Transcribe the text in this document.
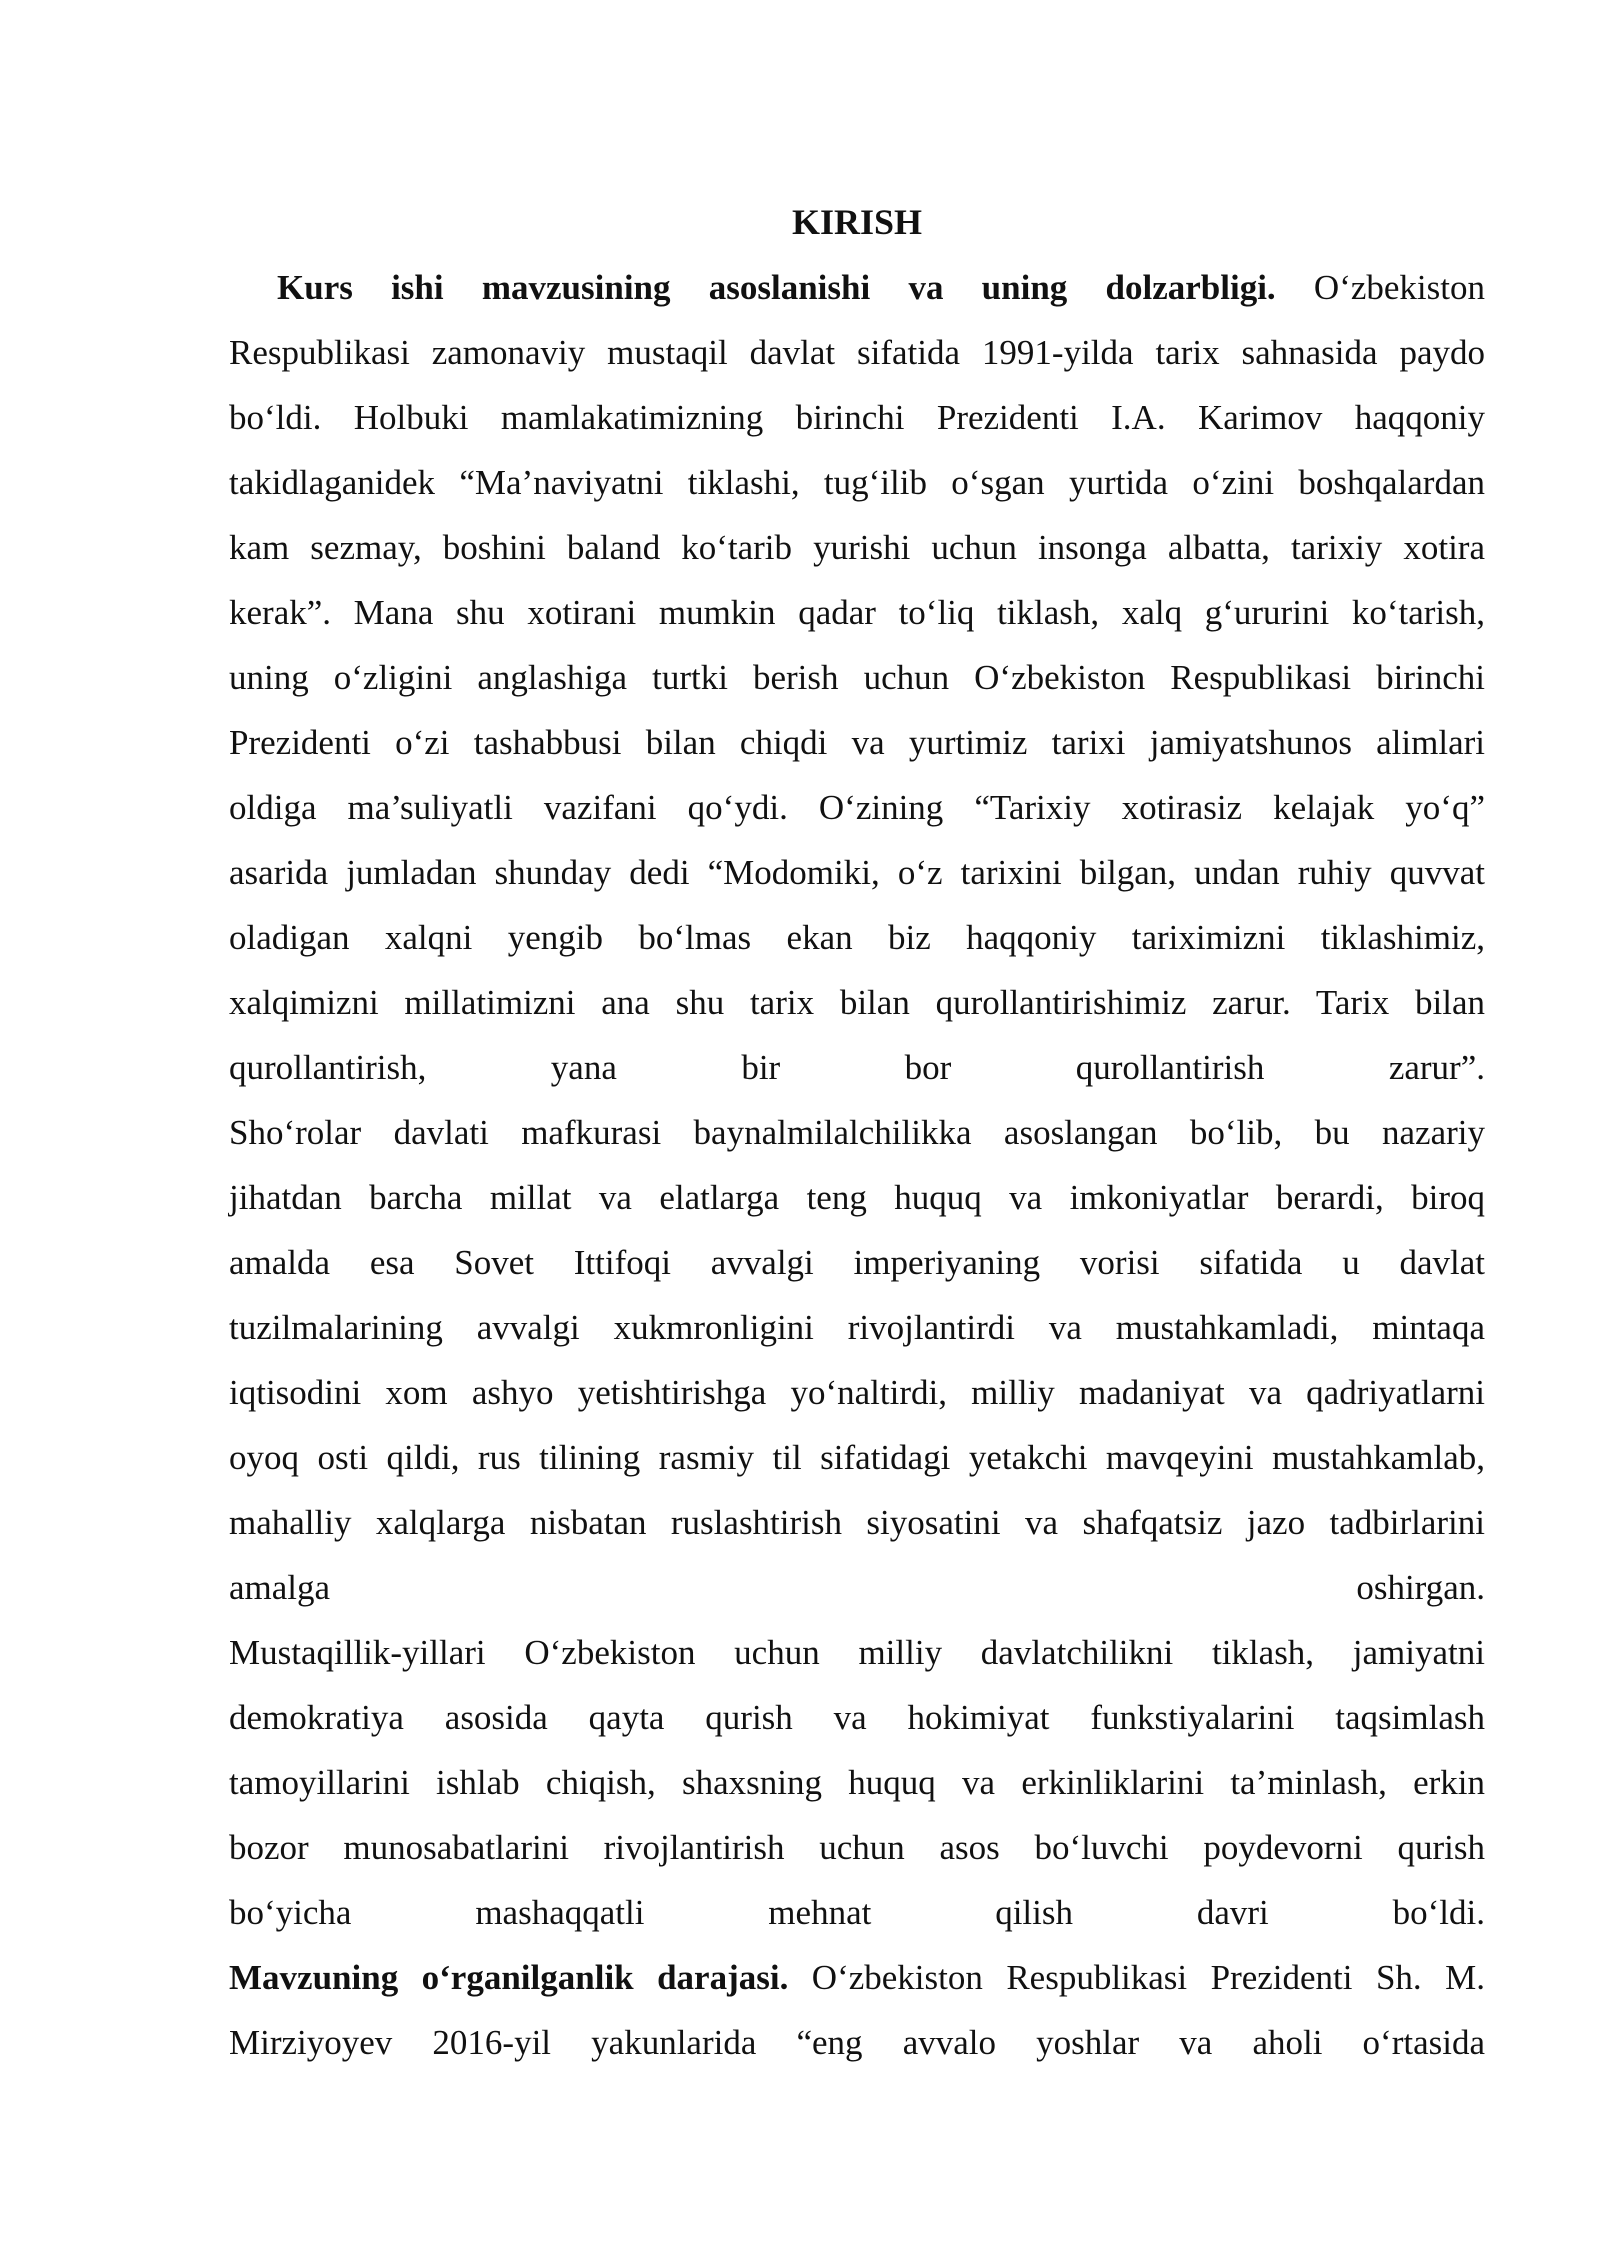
KIRISH
Kurs ishi mavzusining asoslanishi va uning dolzarbligi. O‘zbekiston
Respublikasi zamonaviy mustaqil davlat sifatida 1991-yilda tarix sahnasida paydo
bo‘ldi. Holbuki mamlakatimizning birinchi Prezidenti I.A. Karimov haqqoniy
takidlaganidek “Ma’naviyatni tiklashi, tug‘ilib o‘sgan yurtida o‘zini boshqalardan
kam sezmay, boshini baland ko‘tarib yurishi uchun insonga albatta, tarixiy xotira
kerak”. Mana shu xotirani mumkin qadar to‘liq tiklash, xalq g‘ururini ko‘tarish,
uning o‘zligini anglashiga turtki berish uchun O‘zbekiston Respublikasi birinchi
Prezidenti o‘zi tashabbusi bilan chiqdi va yurtimiz tarixi jamiyatshunos alimlari
oldiga ma’suliyatli vazifani qo‘ydi. O‘zining “Tarixiy xotirasiz kelajak yo‘q”
asarida jumladan shunday dedi “Modomiki, o‘z tarixini bilgan, undan ruhiy quvvat
oladigan xalqni yengib bo‘lmas ekan biz haqqoniy tariximizni tiklashimiz,
xalqimizni millatimizni ana shu tarix bilan qurollantirishimiz zarur. Tarix bilan
qurollantirish, yana bir bor qurollantirish zarur”.
Sho‘rolar davlati mafkurasi baynalmilalchilikka asoslangan bo‘lib, bu nazariy
jihatdan barcha millat va elatlarga teng huquq va imkoniyatlar berardi, biroq
amalda esa Sovet Ittifoqi avvalgi imperiyaning vorisi sifatida u davlat
tuzilmalarining avvalgi xukmronligini rivojlantirdi va mustahkamladi, mintaqa
iqtisodini xom ashyo yetishtirishga yo‘naltirdi, milliy madaniyat va qadriyatlarni
oyoq osti qildi, rus tilining rasmiy til sifatidagi yetakchi mavqeyini mustahkamlab,
mahalliy xalqlarga nisbatan ruslashtirish siyosatini va shafqatsiz jazo tadbirlarini
amalga oshirgan.
Mustaqillik-yillari O‘zbekiston uchun milliy davlatchilikni tiklash, jamiyatni
demokratiya asosida qayta qurish va hokimiyat funkstiyalarini taqsimlash
tamoyillarini ishlab chiqish, shaxsning huquq va erkinliklarini ta’minlash, erkin
bozor munosabatlarini rivojlantirish uchun asos bo‘luvchi poydevorni qurish
bo‘yicha mashaqqatli mehnat qilish davri bo‘ldi.
Mavzuning o‘rganilganlik darajasi. O‘zbekiston Respublikasi Prezidenti Sh. M.
Mirziyoyev 2016-yil yakunlarida “eng avvalo yoshlar va aholi o‘rtasida
